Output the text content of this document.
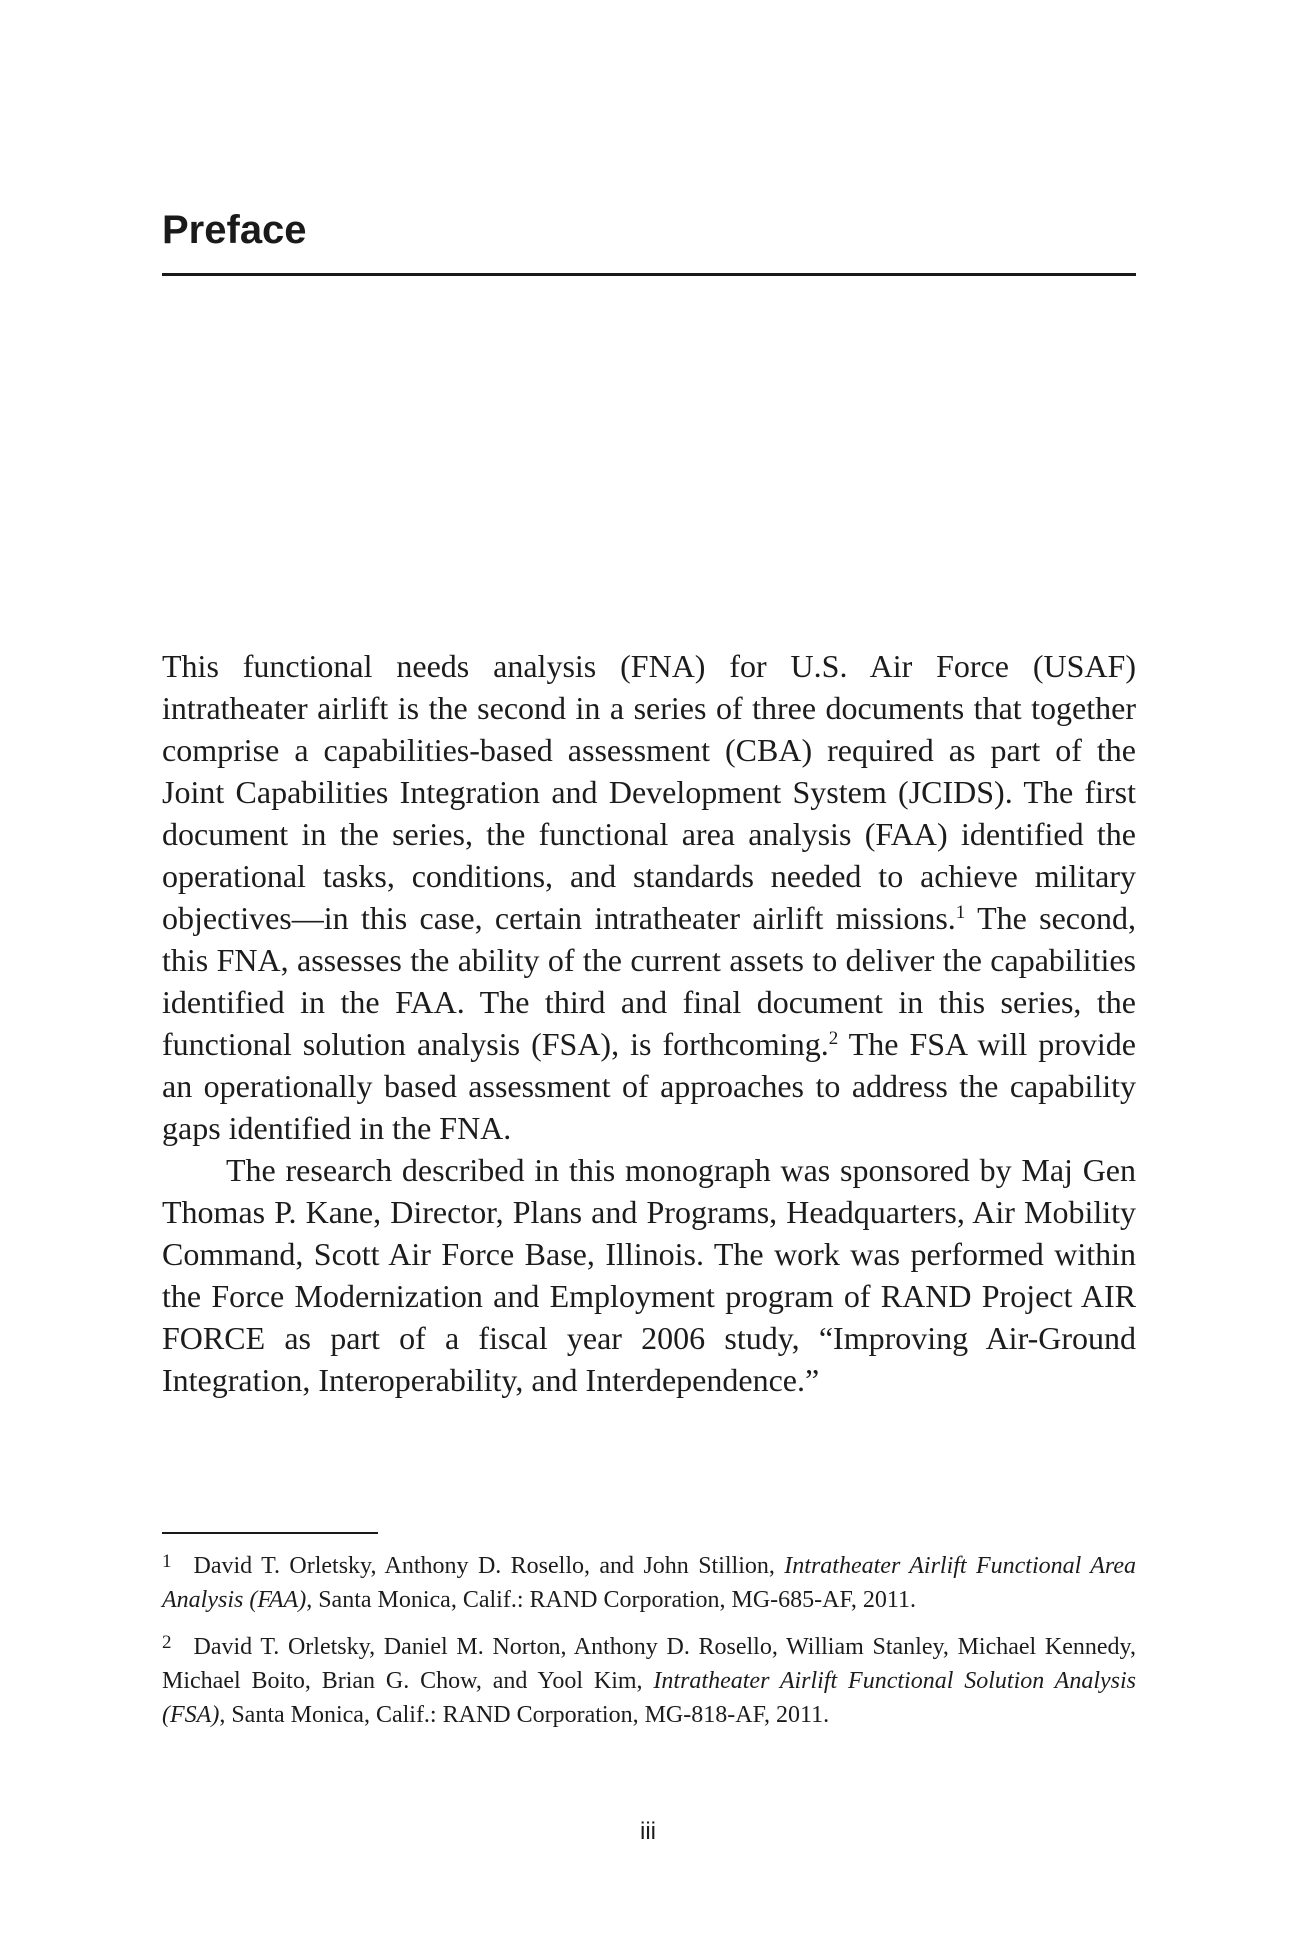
Preface

This functional needs analysis (FNA) for U.S. Air Force (USAF) intratheater airlift is the second in a series of three documents that together comprise a capabilities-based assessment (CBA) required as part of the Joint Capabilities Integration and Development System (JCIDS). The first document in the series, the functional area analysis (FAA) identified the operational tasks, conditions, and standards needed to achieve military objectives—in this case, certain intratheater airlift missions.$^1$ The second, this FNA, assesses the ability of the current assets to deliver the capabilities identified in the FAA. The third and final document in this series, the functional solution analysis (FSA), is forthcoming.$^2$ The FSA will provide an operationally based assessment of approaches to address the capability gaps identified in the FNA.

The research described in this monograph was sponsored by Maj Gen Thomas P. Kane, Director, Plans and Programs, Headquarters, Air Mobility Command, Scott Air Force Base, Illinois. The work was performed within the Force Modernization and Employment program of RAND Project AIR FORCE as part of a fiscal year 2006 study, “Improving Air-Ground Integration, Interoperability, and Interdependence.”

$^1$ David T. Orletsky, Anthony D. Rosello, and John Stillion, Intratheater Airlift Functional Area Analysis (FAA), Santa Monica, Calif.: RAND Corporation, MG-685-AF, 2011.

$^2$ David T. Orletsky, Daniel M. Norton, Anthony D. Rosello, William Stanley, Michael Kennedy, Michael Boito, Brian G. Chow, and Yool Kim, Intratheater Airlift Functional Solution Analysis (FSA), Santa Monica, Calif.: RAND Corporation, MG-818-AF, 2011.

iii
